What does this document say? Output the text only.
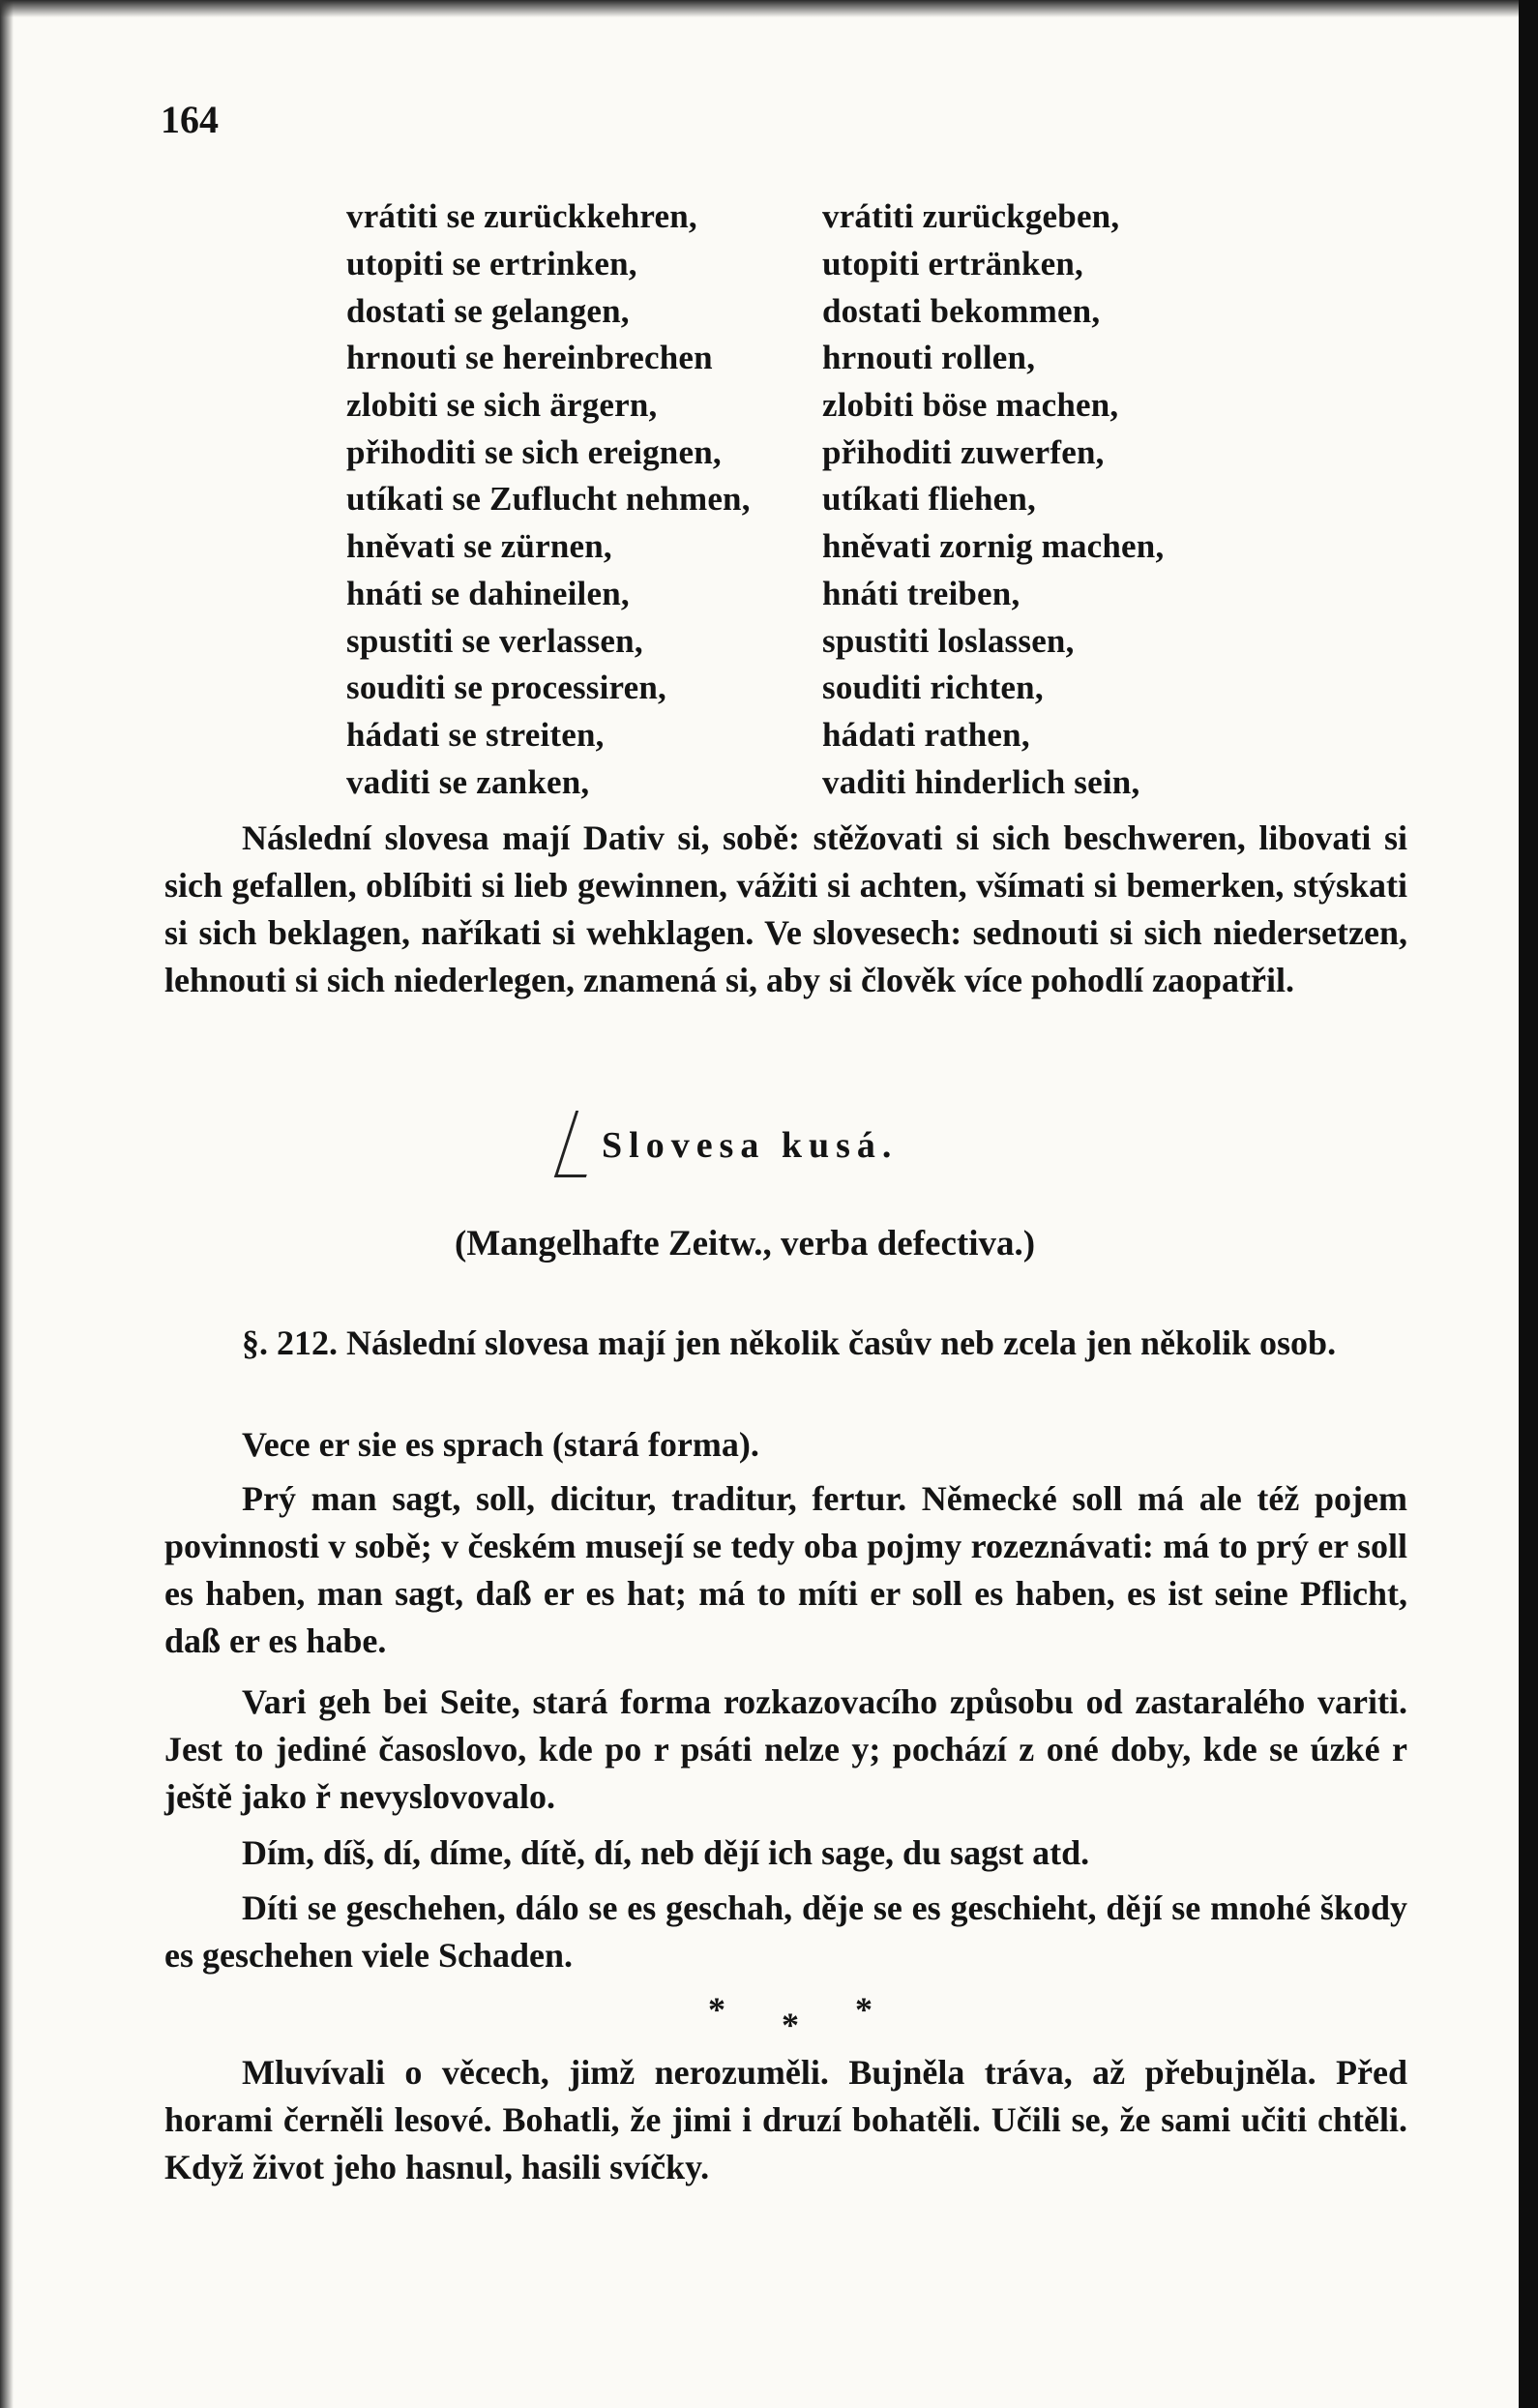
164
vrátiti se zurückkehren,	vrátiti zurückgeben,
utopiti se ertrinken,	utopiti ertränken,
dostati se gelangen,	dostati bekommen,
hrnouti se hereinbrechen	hrnouti rollen,
zlobiti se sich ärgern,	zlobiti böse machen,
přihoditi se sich ereignen,	přihoditi zuwerfen,
utíkati se Zuflucht nehmen,	utíkati fliehen,
hněvati se zürnen,	hněvati zornig machen,
hnáti se dahineilen,	hnáti treiben,
spustiti se verlassen,	spustiti loslassen,
souditi se processiren,	souditi richten,
hádati se streiten,	hádati rathen,
vaditi se zanken,	vaditi hinderlich sein,
Následní slovesa mají Dativ si, sobě: stěžovati si sich beschweren, libovati si sich gefallen, oblíbiti si lieb gewinnen, vážiti si achten, všímati si bemerken, stýskati si sich beklagen, naříkati si wehklagen. Ve slovesech: sednouti si sich niedersetzen, lehnouti si sich niederlegen, znamená si, aby si člověk více pohodlí zaopatřil.
Slovesa kusá.
(Mangelhafte Zeitw., verba defectiva.)
§. 212. Následní slovesa mají jen několik časův neb zcela jen několik osob.
Vece er sie es sprach (stará forma).
Prý man sagt, soll, dicitur, traditur, fertur. Německé soll má ale též pojem povinnosti v sobě; v českém musejí se tedy oba pojmy rozeznávati: má to prý er soll es haben, man sagt, daß er es hat; má to míti er soll es haben, es ist seine Pflicht, daß er es habe.
Vari geh bei Seite, stará forma rozkazovacího způsobu od zastaralého variti. Jest to jediné časoslovo, kde po r psáti nelze y; pochází z oné doby, kde se úzké r ještě jako ř nevyslovovalo.
Dím, díš, dí, díme, dítě, dí, neb dějí ich sage, du sagst atd.
Díti se geschehen, dálo se es geschah, děje se es geschieht, dějí se mnohé škody es geschehen viele Schaden.
* * *
Mluvívali o věcech, jimž nerozuměli. Bujněla tráva, až přebujněla. Před horami černěli lesové. Bohatli, že jimi i druzí bohatěli. Učili se, že sami učiti chtěli. Když život jeho hasnul, hasili svíčky.
